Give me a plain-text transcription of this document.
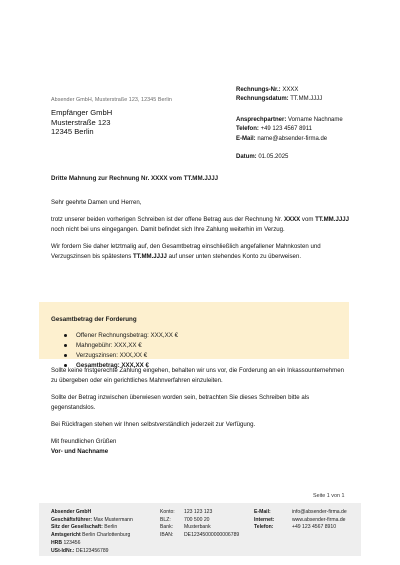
Absender GmbH, Musterstraße 123, 12345 Berlin
Empfänger GmbH
Musterstraße 123
12345 Berlin
Rechnungs-Nr.: XXXX
Rechnungsdatum: TT.MM.JJJJ
Ansprechpartner: Vorname Nachname
Telefon: +49 123 4567 8911
E-Mail: name@absender-firma.de
Datum: 01.05.2025
Dritte Mahnung zur Rechnung Nr. XXXX vom TT.MM.JJJJ

Sehr geehrte Damen und Herren,

trotz unserer beiden vorherigen Schreiben ist der offene Betrag aus der Rechnung Nr. XXXX vom TT.MM.JJJJ noch nicht bei uns eingegangen. Damit befindet sich Ihre Zahlung weiterhin im Verzug.

Wir fordern Sie daher letztmalig auf, den Gesamtbetrag einschließlich angefallener Mahnkosten und Verzugszinsen bis spätestens TT.MM.JJJJ auf unser unten stehendes Konto zu überweisen.

Gesamtbetrag der Forderung
Offener Rechnungsbetrag: XXX,XX €
Mahngebühr: XXX,XX €
Verzugszinsen: XXX,XX €
Gesamtbetrag: XXX,XX €

Sollte keine fristgerechte Zahlung eingehen, behalten wir uns vor, die Forderung an ein Inkassounternehmen zu übergeben oder ein gerichtliches Mahnverfahren einzuleiten.

Sollte der Betrag inzwischen überwiesen worden sein, betrachten Sie dieses Schreiben bitte als gegenstandslos.

Bei Rückfragen stehen wir Ihnen selbstverständlich jederzeit zur Verfügung.

Mit freundlichen Grüßen

Vor- und Nachname

Seite 1 von 1
Absender GmbH
Geschäftsführer: Max Mustermann
Sitz der Gesellschaft: Berlin
Amtsgericht Berlin Charlottenburg
HRB 123456
USt-IdNr.: DE123456789
Konto: 123 123 123
BLZ:	700 500 20
Bank: Musterbank
IBAN: DE12345000000006789
E-Mail:	info@absender-firma.de
Internet:	www.absender-firma.de
Telefon:	+49 123 4567 8910
